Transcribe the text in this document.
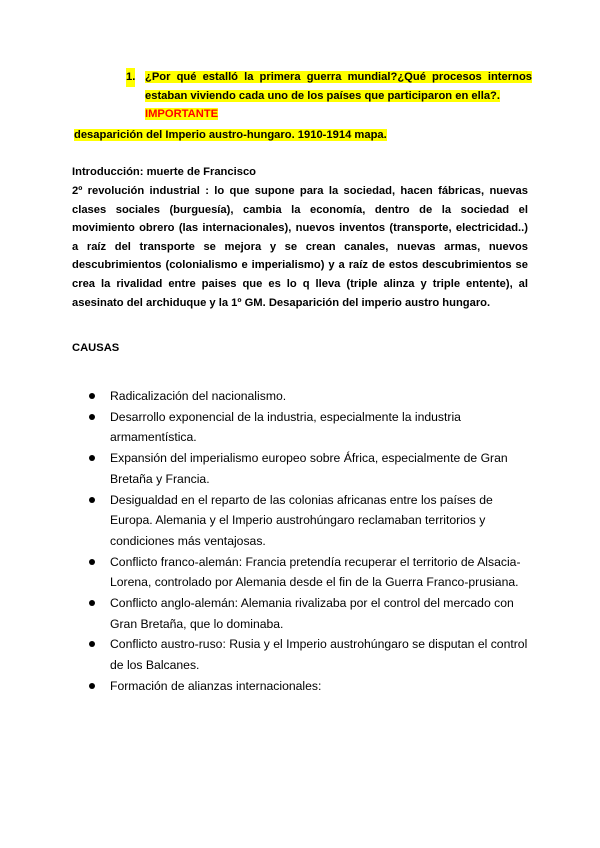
1. ¿Por qué estalló la primera guerra mundial?¿Qué procesos internos estaban viviendo cada uno de los países que participaron en ella?.
IMPORTANTE
desaparición del Imperio austro-hungaro. 1910-1914 mapa.
Introducción: muerte de Francisco
2º revolución industrial : lo que supone para la sociedad, hacen fábricas, nuevas clases sociales (burguesía), cambia la economía, dentro de la sociedad el movimiento obrero (las internacionales), nuevos inventos (transporte, electricidad..) a raíz del transporte se mejora y se crean canales, nuevas armas, nuevos descubrimientos (colonialismo e imperialismo) y a raíz de estos descubrimientos se crea la rivalidad entre paises que es lo q lleva (triple alinza y triple entente), al asesinato del archiduque y la 1º GM. Desaparición del imperio austro hungaro.
CAUSAS
Radicalización del nacionalismo.
Desarrollo exponencial de la industria, especialmente la industria armamentística.
Expansión del imperialismo europeo sobre África, especialmente de Gran Bretaña y Francia.
Desigualdad en el reparto de las colonias africanas entre los países de Europa. Alemania y el Imperio austrohúngaro reclamaban territorios y condiciones más ventajosas.
Conflicto franco-alemán: Francia pretendía recuperar el territorio de Alsacia-Lorena, controlado por Alemania desde el fin de la Guerra Franco-prusiana.
Conflicto anglo-alemán: Alemania rivalizaba por el control del mercado con Gran Bretaña, que lo dominaba.
Conflicto austro-ruso: Rusia y el Imperio austrohúngaro se disputan el control de los Balcanes.
Formación de alianzas internacionales:
